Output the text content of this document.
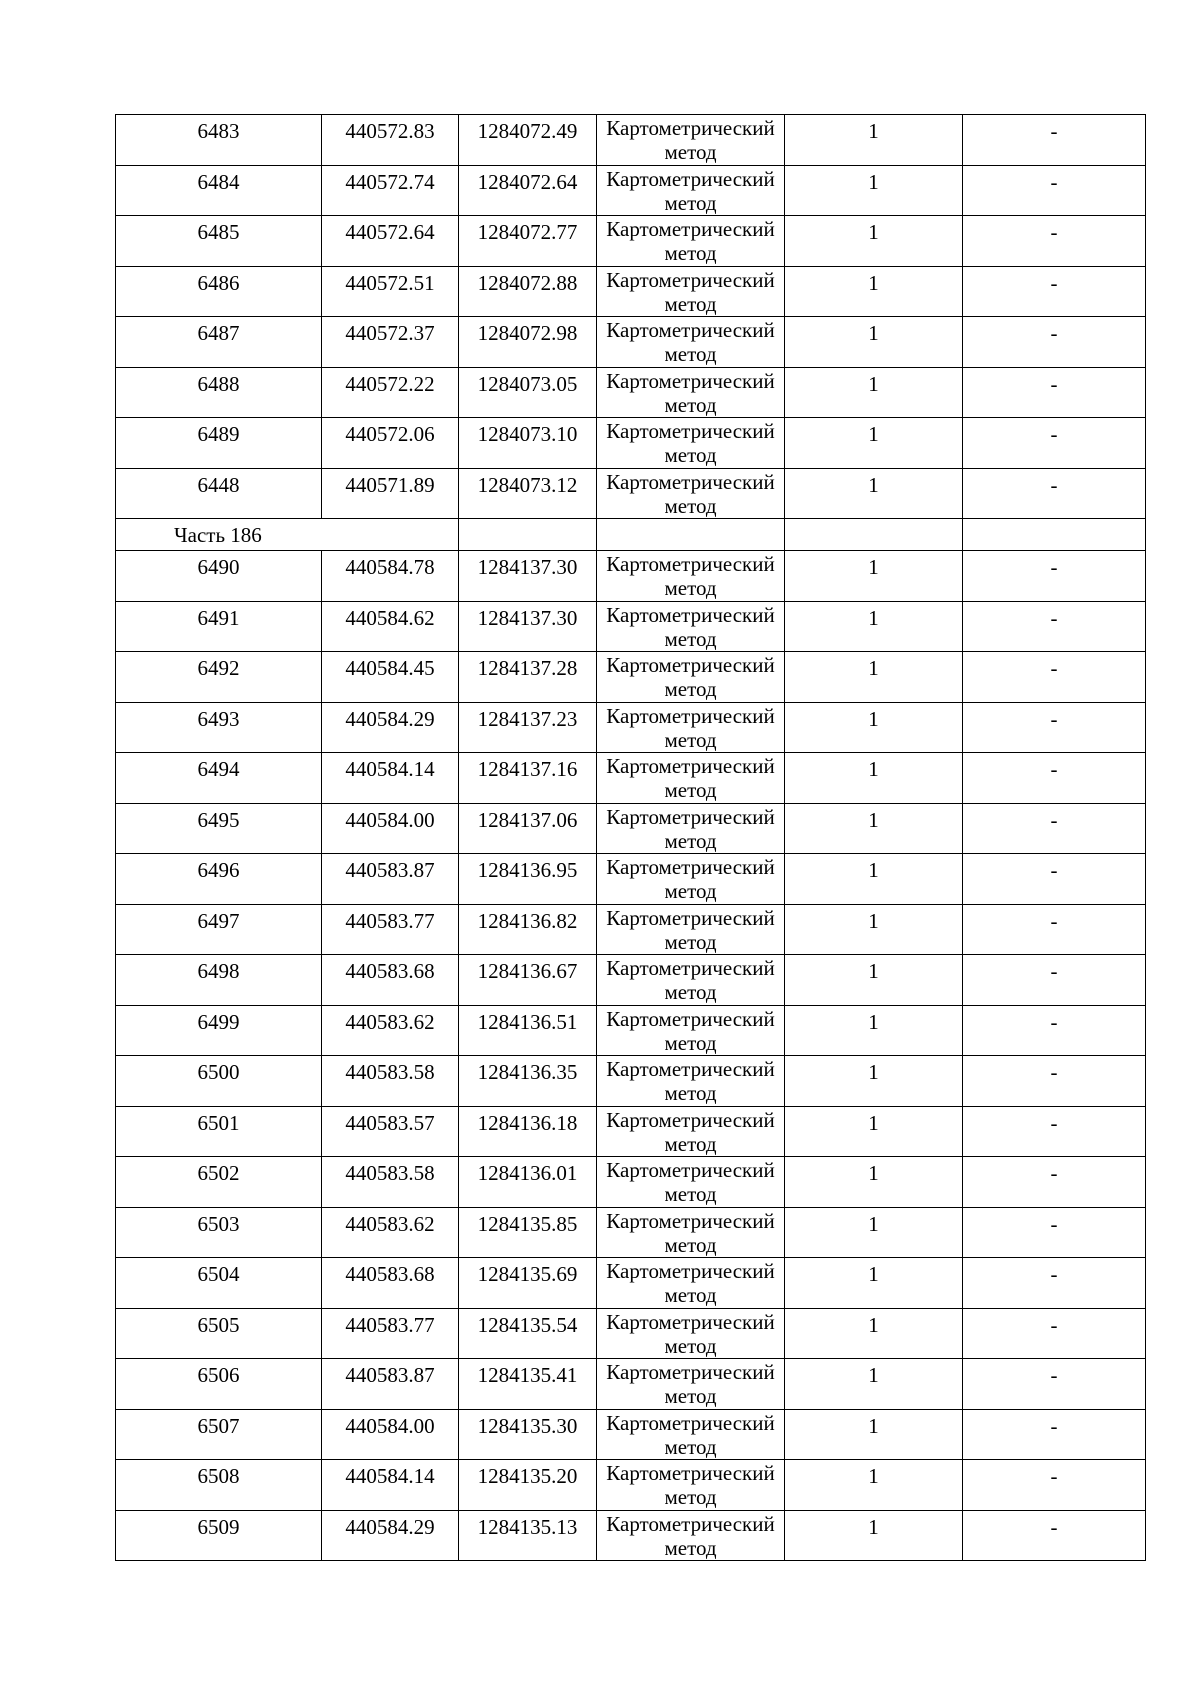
6483	440572.83	1284072.49	Картометрический метод	1	-
6484	440572.74	1284072.64	Картометрический метод	1	-
6485	440572.64	1284072.77	Картометрический метод	1	-
6486	440572.51	1284072.88	Картометрический метод	1	-
6487	440572.37	1284072.98	Картометрический метод	1	-
6488	440572.22	1284073.05	Картометрический метод	1	-
6489	440572.06	1284073.10	Картометрический метод	1	-
6448	440571.89	1284073.12	Картометрический метод	1	-
Часть 186					
6490	440584.78	1284137.30	Картометрический метод	1	-
6491	440584.62	1284137.30	Картометрический метод	1	-
6492	440584.45	1284137.28	Картометрический метод	1	-
6493	440584.29	1284137.23	Картометрический метод	1	-
6494	440584.14	1284137.16	Картометрический метод	1	-
6495	440584.00	1284137.06	Картометрический метод	1	-
6496	440583.87	1284136.95	Картометрический метод	1	-
6497	440583.77	1284136.82	Картометрический метод	1	-
6498	440583.68	1284136.67	Картометрический метод	1	-
6499	440583.62	1284136.51	Картометрический метод	1	-
6500	440583.58	1284136.35	Картометрический метод	1	-
6501	440583.57	1284136.18	Картометрический метод	1	-
6502	440583.58	1284136.01	Картометрический метод	1	-
6503	440583.62	1284135.85	Картометрический метод	1	-
6504	440583.68	1284135.69	Картометрический метод	1	-
6505	440583.77	1284135.54	Картометрический метод	1	-
6506	440583.87	1284135.41	Картометрический метод	1	-
6507	440584.00	1284135.30	Картометрический метод	1	-
6508	440584.14	1284135.20	Картометрический метод	1	-
6509	440584.29	1284135.13	Картометрический метод	1	-
